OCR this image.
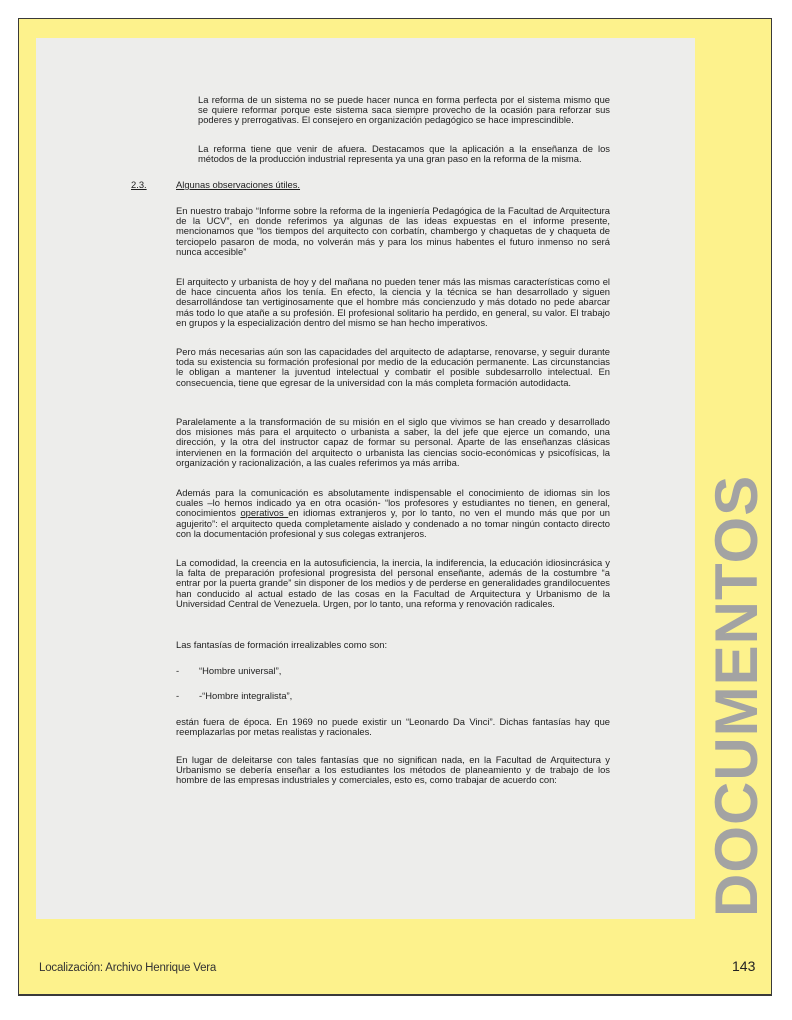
La reforma de un sistema no se puede hacer nunca en forma perfecta por el sistema mismo que se quiere reformar porque este sistema saca siempre provecho de la ocasión para reforzar sus poderes y prerrogativas. El consejero en organización pedagógico se hace imprescindible.

La reforma tiene que venir de afuera. Destacamos que la aplicación a la enseñanza de los métodos de la producción industrial representa ya una gran paso en la reforma de la misma.

2.3.	Algunas observaciones útiles.

En nuestro trabajo “Informe sobre la reforma de la ingeniería Pedagógica de la Facultad de Arquitectura de la UCV”, en donde referimos ya algunas de las ideas expuestas en el informe presente, mencionamos que “los tiempos del arquitecto con corbatín, chambergo y chaquetas de y chaqueta de terciopelo pasaron de moda, no volverán más y para los minus habentes el futuro inmenso no será nunca accesible”

El arquitecto y urbanista de hoy y del mañana no pueden tener más las mismas características como el de hace cincuenta años los tenía. En efecto, la ciencia y la técnica se han desarrollado y siguen desarrollándose tan vertiginosamente que el hombre más concienzudo y más dotado no pede abarcar más todo lo que atañe a su profesión. El profesional solitario ha perdido, en general, su valor. El trabajo en grupos y la especialización dentro del mismo se han hecho imperativos.

Pero más necesarias aún son las capacidades del arquitecto de adaptarse, renovarse, y seguir durante toda su existencia su formación profesional por medio de la educación permanente. Las circunstancias le obligan a mantener la juventud intelectual y combatir el posible subdesarrollo intelectual. En consecuencia, tiene que egresar de la universidad con la más completa formación autodidacta.

Paralelamente a la transformación de su misión en el siglo que vivimos se han creado y desarrollado dos misiones más para el arquitecto o urbanista a saber, la del jefe que ejerce un comando, una dirección, y la otra del instructor capaz de formar su personal. Aparte de las enseñanzas clásicas intervienen en la formación del arquitecto o urbanista las ciencias socio-económicas y psicofísicas, la organización y racionalización, a las cuales referimos ya más arriba.

Además para la comunicación es absolutamente indispensable el conocimiento de idiomas sin los cuales –lo hemos indicado ya en otra ocasión- “los profesores y estudiantes no tienen, en general, conocimientos operativos en idiomas extranjeros y, por lo tanto, no ven el mundo más que por un agujerito”: el arquitecto queda completamente aislado y condenado a no tomar ningún contacto directo con la documentación profesional y sus colegas extranjeros.

La comodidad, la creencia en la autosuficiencia, la inercia, la indiferencia, la educación idiosincrásica y la falta de preparación profesional progresista del personal enseñante, además de la costumbre “a entrar por la puerta grande” sin disponer de los medios y de perderse en generalidades grandilocuentes han conducido al actual estado de las cosas en la Facultad de Arquitectura y Urbanismo de la Universidad Central de Venezuela. Urgen, por lo tanto, una reforma y renovación radicales.

Las fantasías de formación irrealizables como son:

- “Hombre universal”,
- -“Hombre integralista”,

están fuera de época. En 1969 no puede existir un “Leonardo Da Vinci”. Dichas fantasías hay que reemplazarlas por metas realistas y racionales.

En lugar de deleitarse con tales fantasías que no significan nada, en la Facultad de Arquitectura y Urbanismo se debería enseñar a los estudiantes los métodos de planeamiento y de trabajo de los hombre de las empresas industriales y comerciales, esto es, como trabajar de acuerdo con:	DOCUMENTOS
Localización: Archivo Henrique Vera	143
